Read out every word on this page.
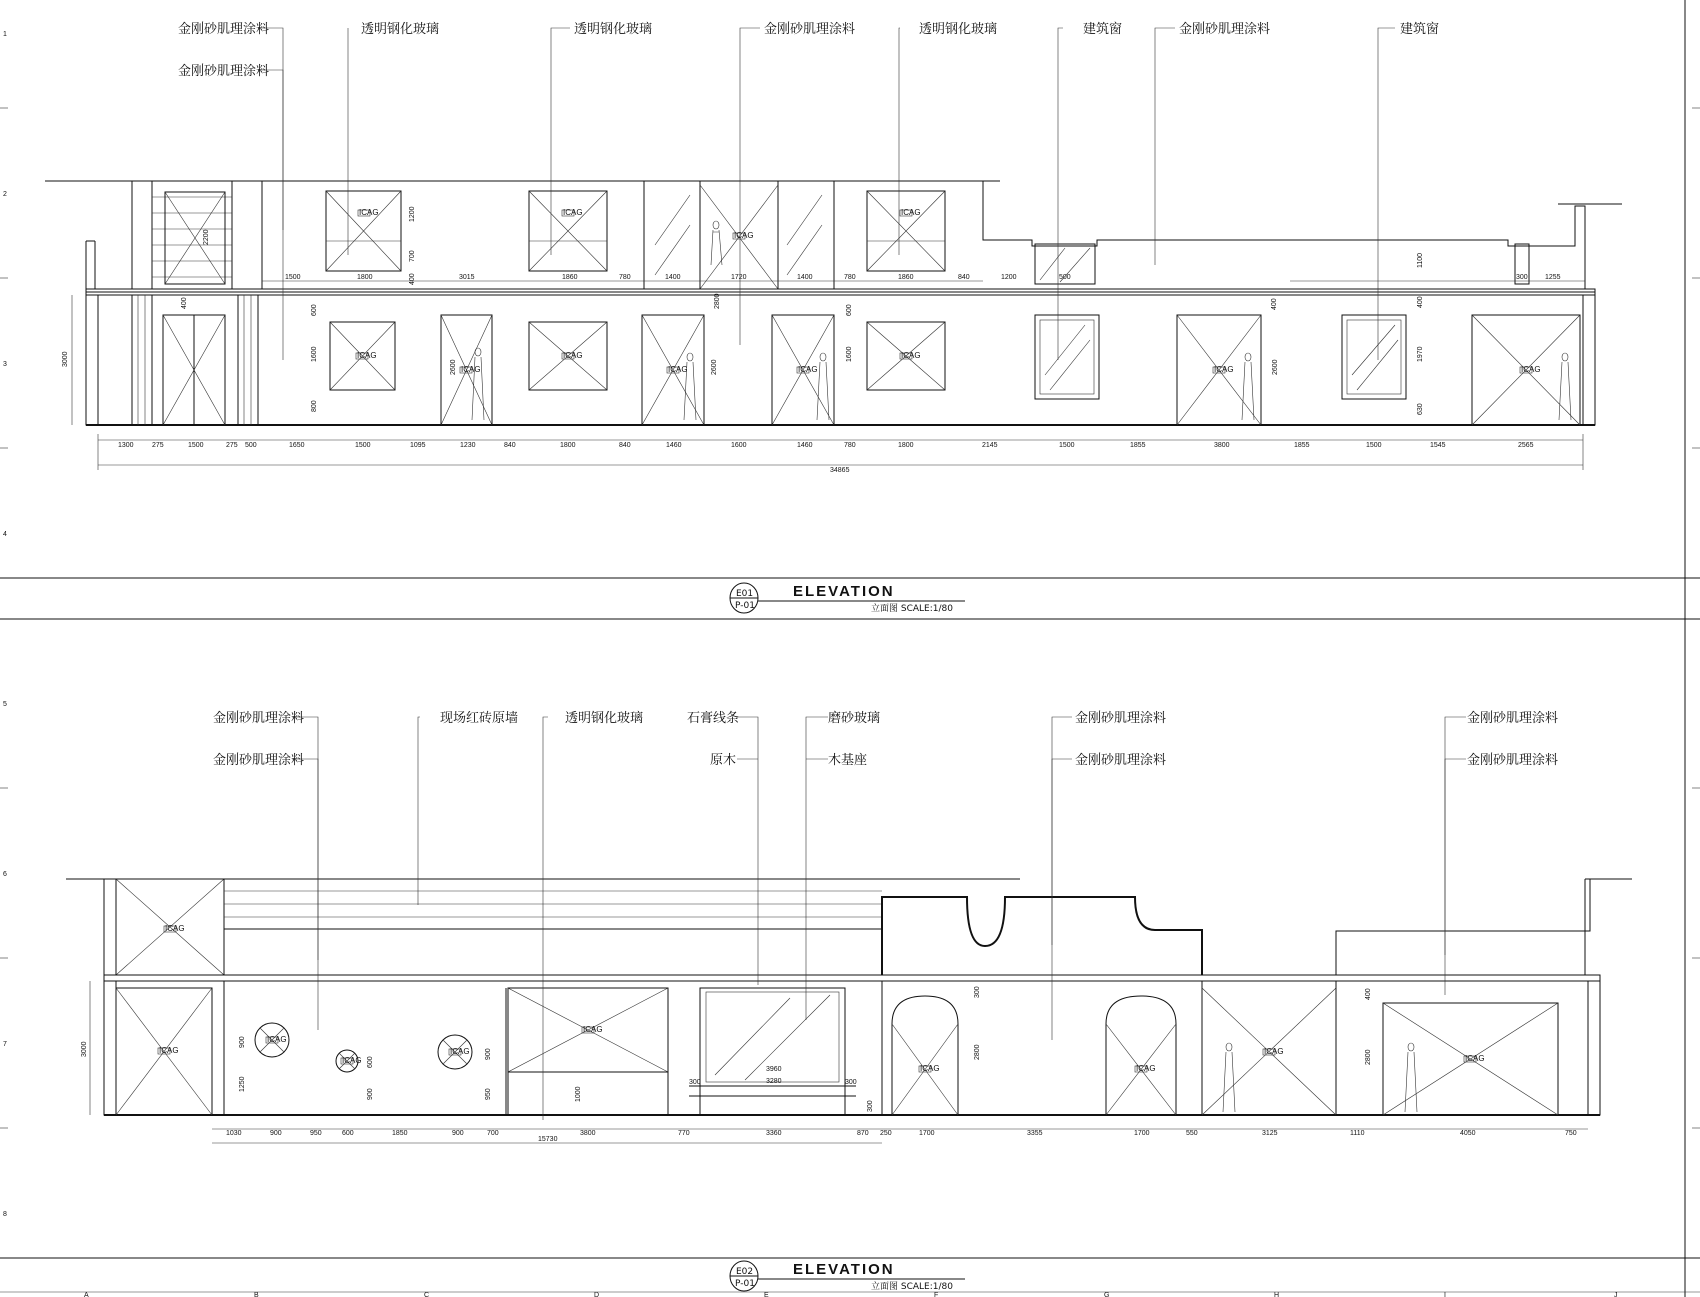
1
2
3
4
5
6
7
8
A	B	C	D	E	F	G	H	I	J
金刚砂肌理涂料
金刚砂肌理涂料
透明钢化玻璃	透明钢化玻璃	金刚砂肌理涂料	透明钢化玻璃	建筑窗	金刚砂肌理涂料	建筑窗
1500	1800	3015	1860	780	1400	1720	1400	780	1860	840	1200	500	300 1255
3000
2200
1200
700
400
400
600
1600
800
2600	2600	2600
1600
600
400
1970
630
1100
400
2800
1300	275	1500	275 500	1650	1500	1095	1230	840	1800	840	1460	1600	1460	780	1800	2145	1500	1855	3800	1855	1500	1545	2565
34865
ICAG	ICAG
ICAG
ICAG
ICAG
ICAG
ICAG
ICAG	ICAG
ICAG
ICAG	ICAG
E01
P-01
ELEVATION
立面图 SCALE:1/80
金刚砂肌理涂料
金刚砂肌理涂料
现场红砖原墙	透明钢化玻璃	石膏线条
原木
磨砂玻璃
木基座
金刚砂肌理涂料
金刚砂肌理涂料
金刚砂肌理涂料
金刚砂肌理涂料
3000	900
1250
600
900
900
950	1000
2800
300	400
2800
3960
3280
300	300
300
1030	900	950	600	1850	900	700	3800	770	3360	870 250	1700	3355	1700	550	3125	1110	4050	750
15730
ICAG
ICAG
ICAG
ICAG
ICAG
ICAG
ICAG	ICAG
ICAG
ICAG
E02
P-01
ELEVATION
立面图 SCALE:1/80
